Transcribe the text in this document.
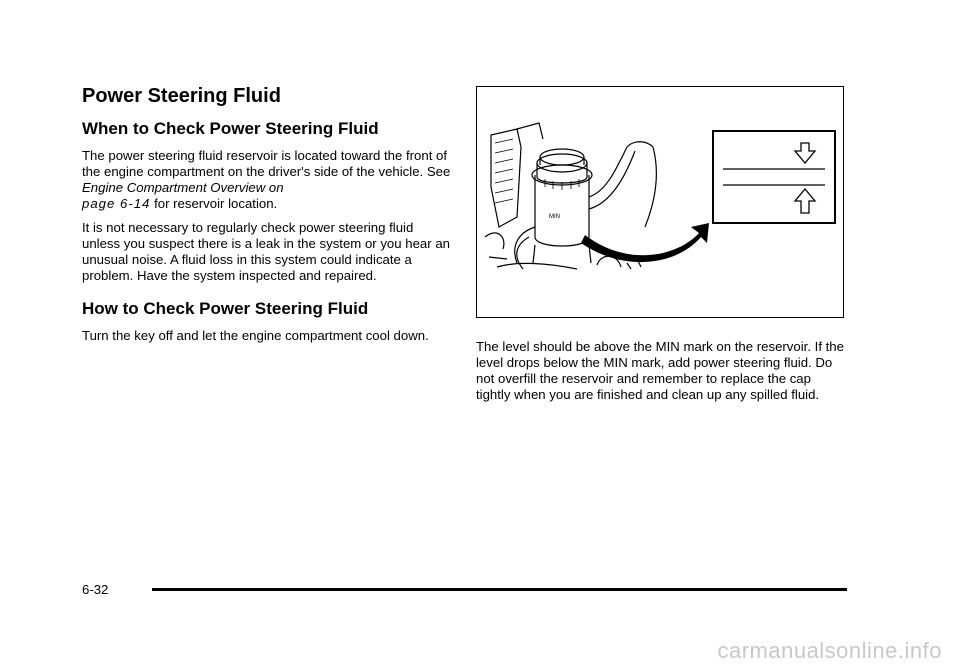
Power Steering Fluid
When to Check Power Steering Fluid

The power steering fluid reservoir is located toward the front of the engine compartment on the driver's side of the vehicle. See Engine Compartment Overview on
page 6-14 for reservoir location.

It is not necessary to regularly check power steering fluid unless you suspect there is a leak in the system or you hear an unusual noise. A fluid loss in this system could indicate a problem. Have the system inspected and repaired.

How to Check Power Steering Fluid

Turn the key off and let the engine compartment cool down.

MIN

The level should be above the MIN mark on the reservoir. If the level drops below the MIN mark, add power steering fluid. Do not overfill the reservoir and remember to replace the cap tightly when you are finished and clean up any spilled fluid.

6-32
carmanualsonline.info
